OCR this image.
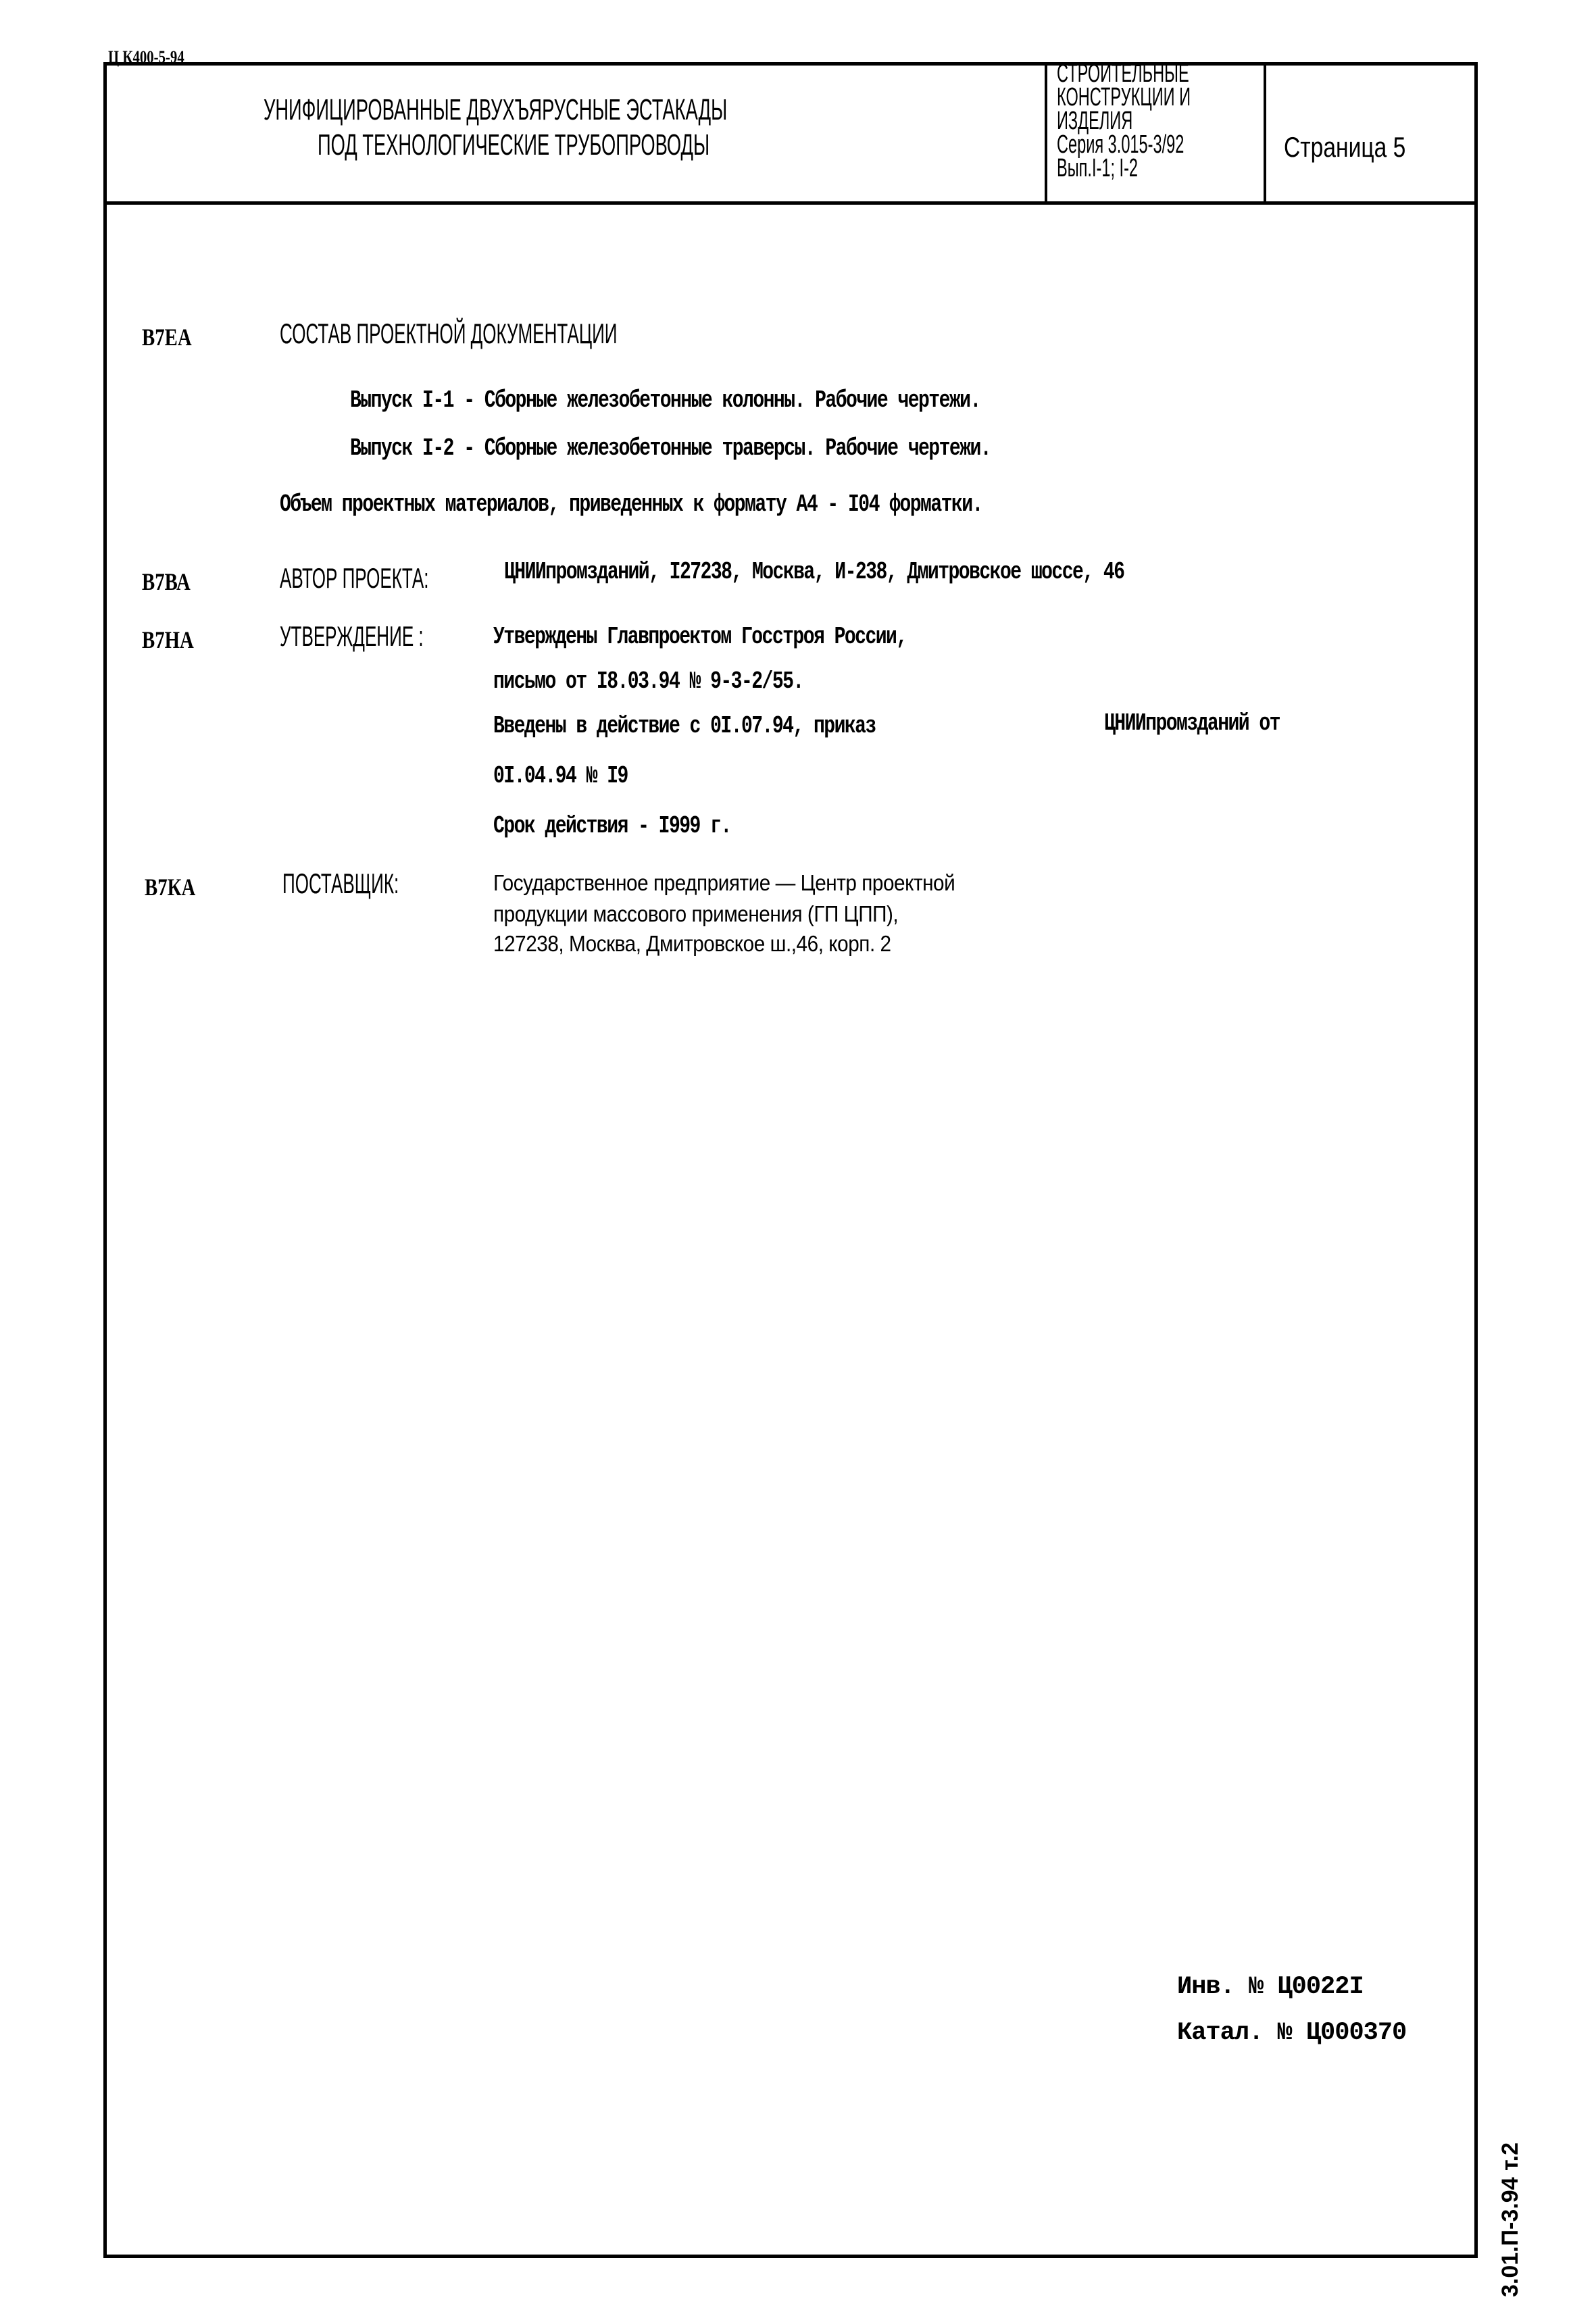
Ц К400-5-94
УНИФИЦИРОВАННЫЕ ДВУХЪЯРУСНЫЕ ЭСТАКАДЫ
ПОД ТЕХНОЛОГИЧЕСКИЕ ТРУБОПРОВОДЫ
СТРОИТЕЛЬНЫЕ
КОНСТРУКЦИИ И
ИЗДЕЛИЯ
Серия 3.015-3/92
Вып.I-1; I-2
Страница 5
В7ЕА	СОСТАВ ПРОЕКТНОЙ ДОКУМЕНТАЦИИ
Выпуск I-1 - Сборные железобетонные колонны. Рабочие чертежи.
Выпуск I-2 - Сборные железобетонные траверсы. Рабочие чертежи.
Объем проектных материалов, приведенных к формату А4 - I04 форматки.
В7ВА	АВТОР ПРОЕКТА:	ЦНИИпромзданий, I27238, Москва, И-238, Дмитровское шоссе, 46
В7НА	УТВЕРЖДЕНИЕ :	Утверждены Главпроектом Госстроя России,
письмо от I8.03.94 № 9-3-2/55.
Введены в действие с 0I.07.94, приказ	ЦНИИпромзданий от
0I.04.94 № I9
Срок действия - I999 г.
В7КА	ПОСТАВЩИК:	Государственное предприятие — Центр проектной
продукции массового применения (ГП ЦПП),
127238, Москва, Дмитровское ш.,46, корп. 2
Инв. № Ц0022I
Катал. № Ц000370
3.01.П-3.94 т.2
